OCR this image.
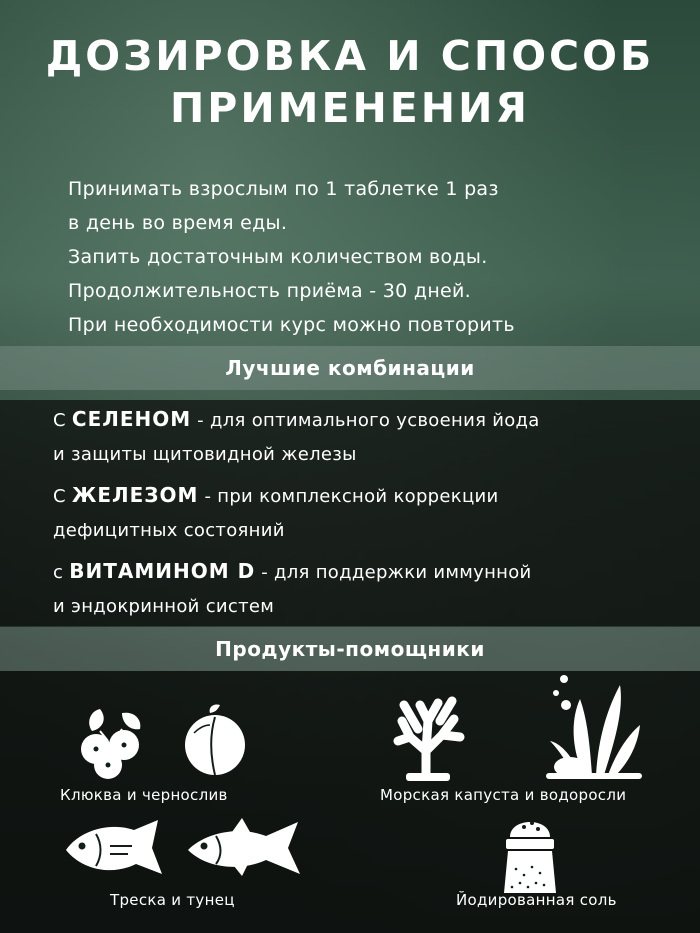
ДОЗИРОВКА И СПОСОБ
ПРИМЕНЕНИЯ
Принимать взрослым по 1 таблетке 1 раз
в день во время еды.
Запить достаточным количеством воды.
Продолжительность приёма - 30 дней.
При необходимости курс можно повторить
Лучшие комбинации
С СЕЛЕНОМ - для оптимального усвоения йода
и защиты щитовидной железы
С ЖЕЛЕЗОМ - при комплексной коррекции
дефицитных состояний
с ВИТАМИНОМ D - для поддержки иммунной
и эндокринной систем
Продукты-помощники
Клюква и чернослив	Морская капуста и водоросли
Треска и тунец	Йодированная соль
